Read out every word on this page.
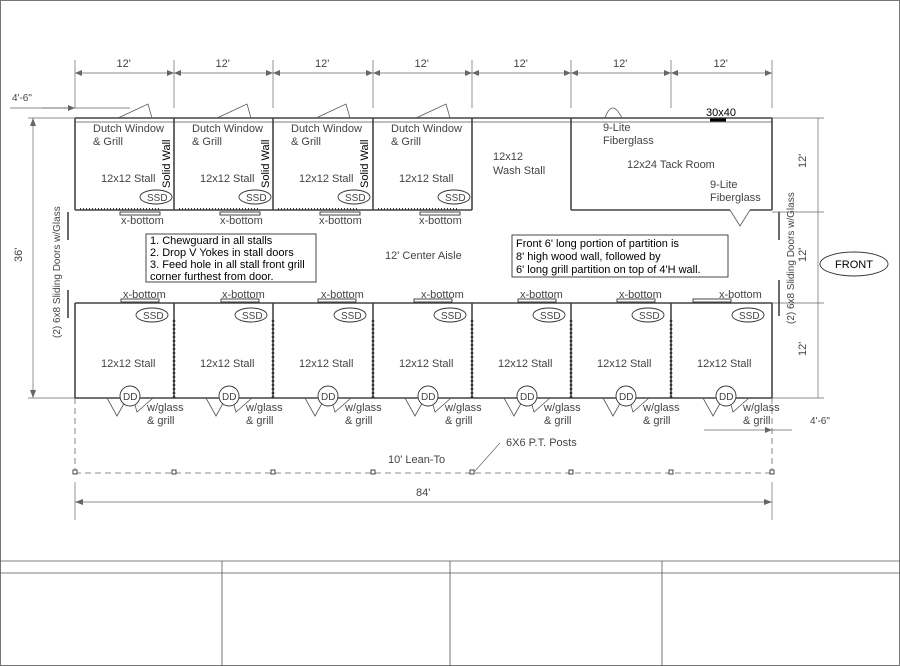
12'	12'	12'	12'	12'	12'	12'
4'-6"
36'
12'
12'
12'
10' Lean-To
6X6 P.T. Posts
4'-6"
84'
Dutch Window
& Grill
12x12 Stall
SSD
x-bottom
Dutch Window
& Grill
12x12 Stall
SSD
x-bottom
Dutch Window
& Grill
12x12 Stall
SSD
x-bottom
Dutch Window
& Grill
12x12 Stall
SSD
x-bottom
Solid Wall	Solid Wall	Solid Wall	12x12
Wash Stall	12x24 Tack Room
9-Lite
Fiberglass
9-Lite
Fiberglass
30x40
12' Center Aisle
(2) 6x8 Sliding Doors w/Glass	(2) 6x8 Sliding Doors w/Glass	FRONT
1. Chewguard in all stalls
2. Drop V Yokes in stall doors
3. Feed hole in all stall front grill
corner furthest from door.
Front 6' long portion of partition is
8' high wood wall, followed by
6' long grill partition on top of 4'H wall.
x-bottom
SSD
12x12 Stall
DD
w/glass
& grill
x-bottom
SSD
12x12 Stall
DD
w/glass
& grill
x-bottom
SSD
12x12 Stall
DD
w/glass
& grill
x-bottom
SSD
12x12 Stall
DD
w/glass
& grill
x-bottom
SSD
12x12 Stall
DD
w/glass
& grill
x-bottom
SSD
12x12 Stall
DD
w/glass
& grill
x-bottom
SSD
12x12 Stall
DD
w/glass
& grill
